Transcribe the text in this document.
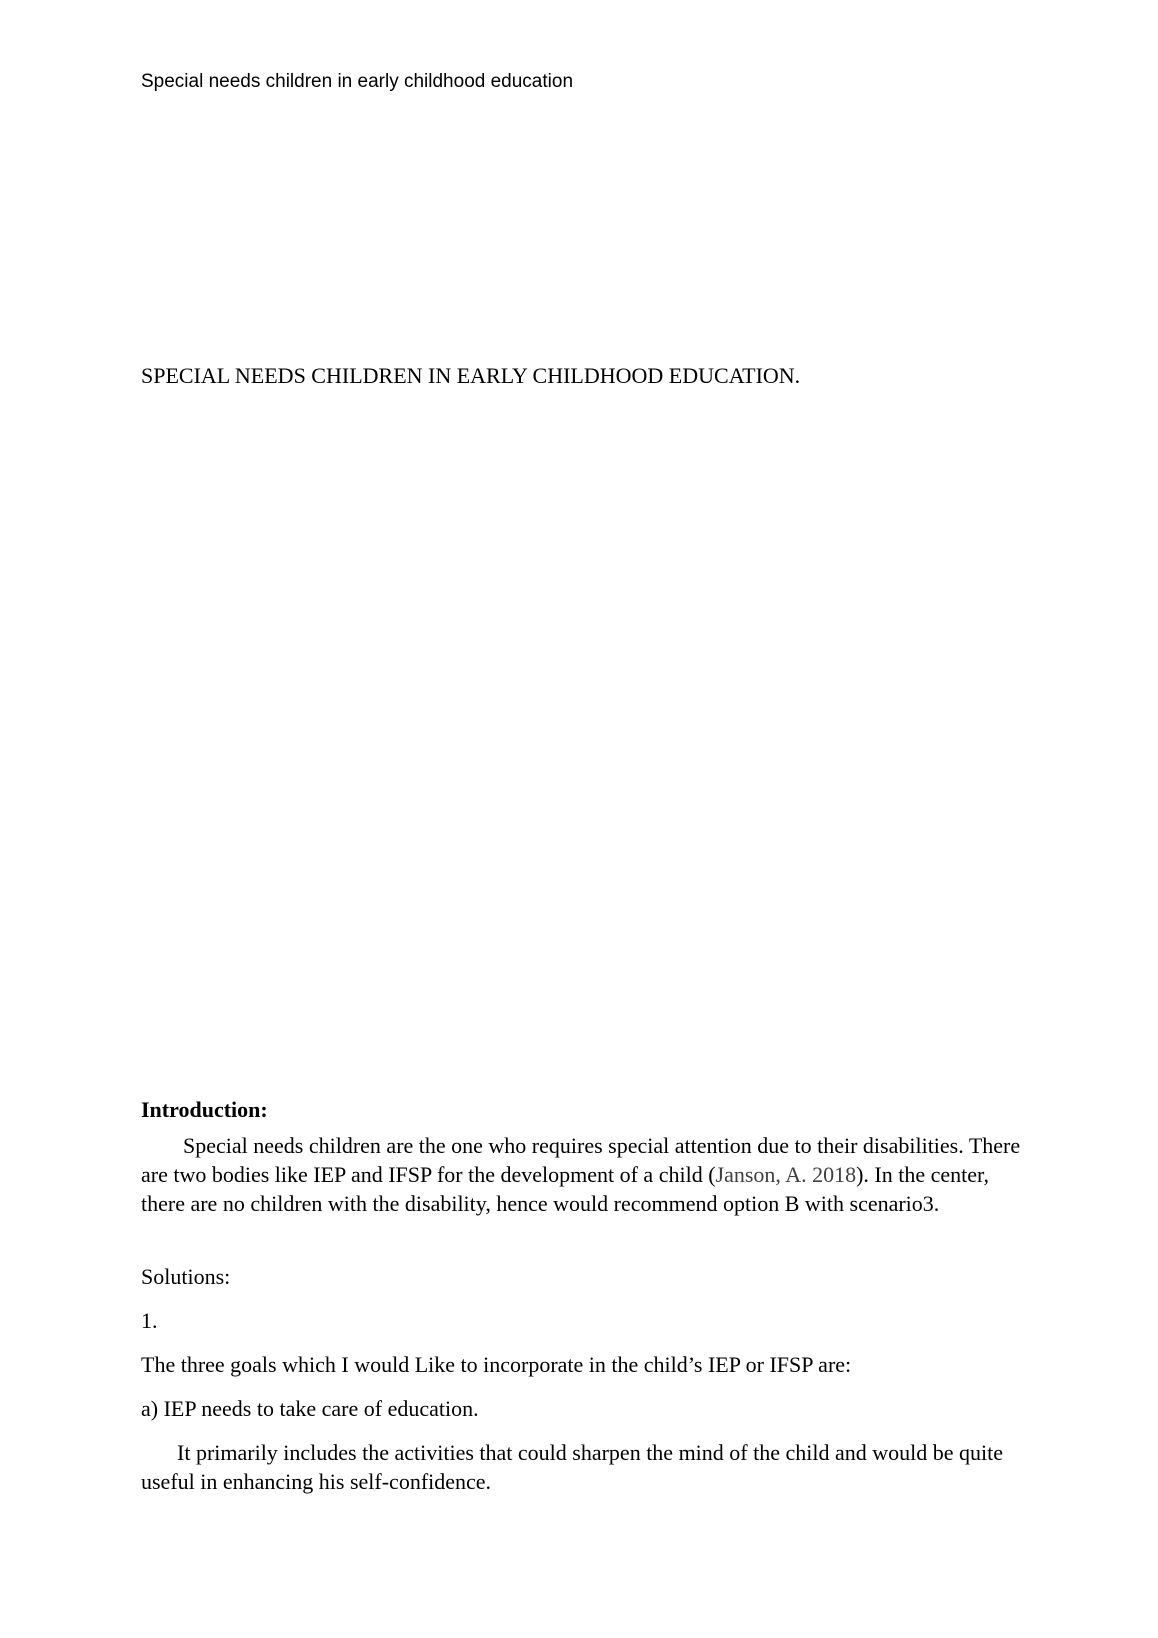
Special needs children in early childhood education
SPECIAL NEEDS CHILDREN IN EARLY CHILDHOOD EDUCATION.
Introduction:
Special needs children are the one who requires special attention due to their disabilities. There are two bodies like IEP and IFSP for the development of a child (Janson, A. 2018). In the center, there are no children with the disability, hence would recommend option B with scenario3.
Solutions:
1.
The three goals which I would Like to incorporate in the child’s IEP or IFSP are:
a) IEP needs to take care of education.
It primarily includes the activities that could sharpen the mind of the child and would be quite useful in enhancing his self-confidence.
